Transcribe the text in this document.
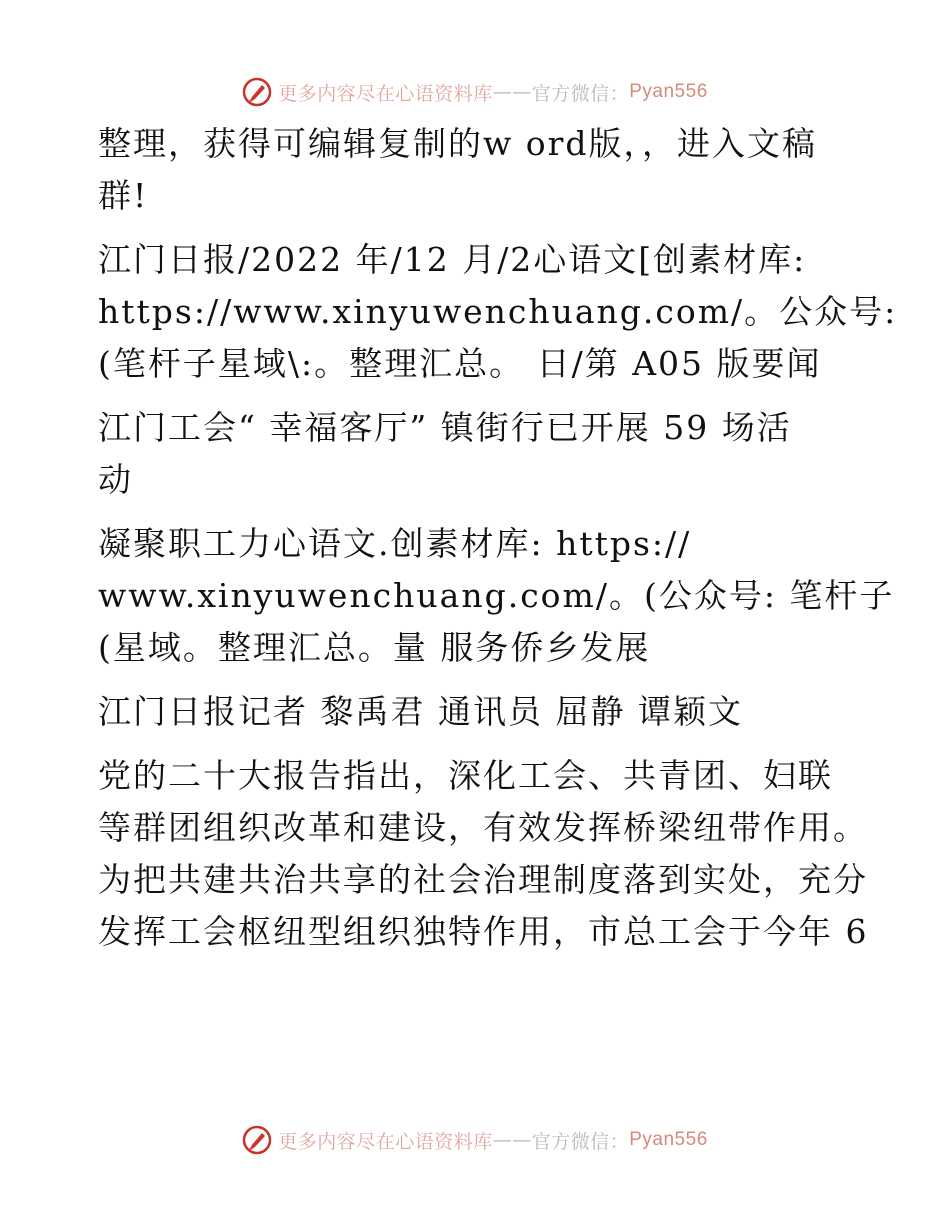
更多内容尽在心语资料库 —— 官方微信： Pyan556
整理，获得可编辑复制的w ord版，，进入文稿
群!
江门日报/2022 年/12 月/2心语文[创素材库:
https://www.xinyuwenchuang.com/。公众号:
(笔杆子星域\:。整理汇总。 日/第 A05 版要闻
江门工会“ 幸福客厅” 镇街行已开展 59 场活
动
凝聚职工力心语文.创素材库: https://
www.xinyuwenchuang.com/。(公众号: 笔杆子
(星域。整理汇总。量 服务侨乡发展
江门日报记者 黎禹君 通讯员 屈静 谭颖文
党的二十大报告指出，深化工会、共青团、妇联
等群团组织改革和建设，有效发挥桥梁纽带作用。
为把共建共治共享的社会治理制度落到实处，充分
发挥工会枢纽型组织独特作用，市总工会于今年 6
更多内容尽在心语资料库 —— 官方微信： Pyan556
